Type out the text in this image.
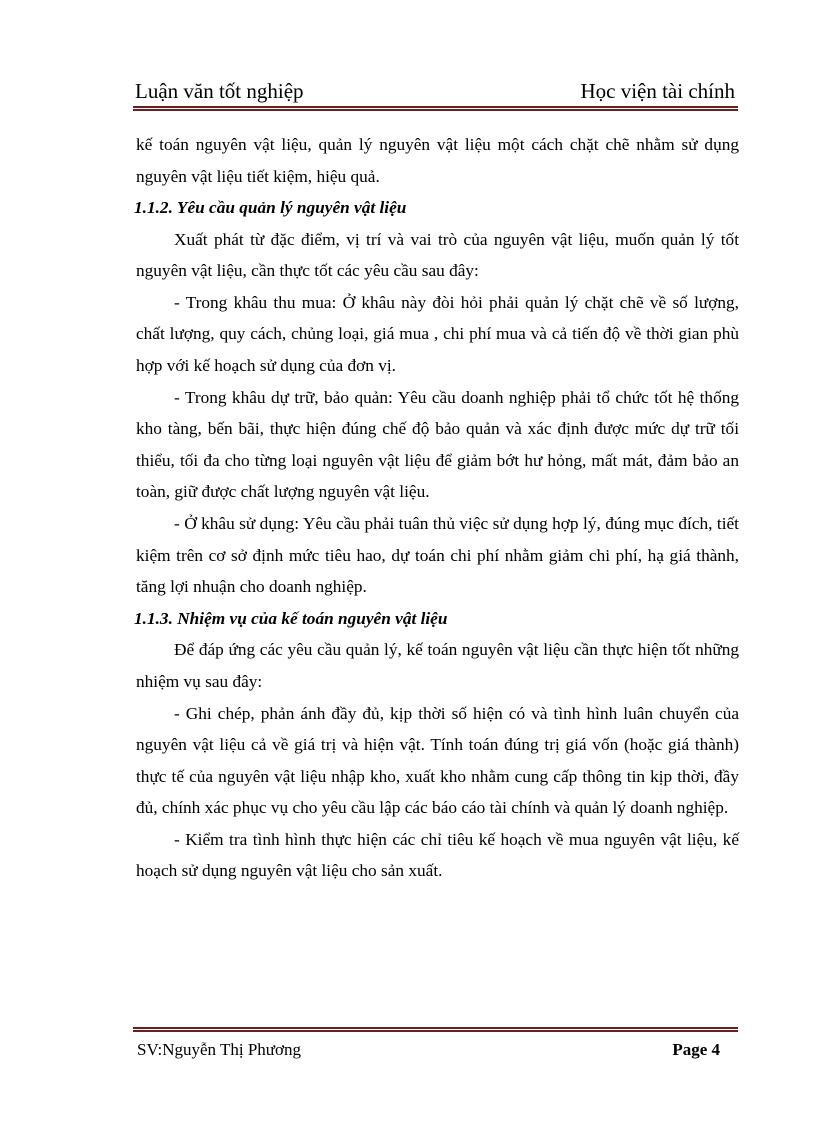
Luận văn tốt nghiệp	Học viện tài chính

kế toán nguyên vật liệu, quản lý nguyên vật liệu một cách chặt chẽ nhằm sử dụng nguyên vật liệu tiết kiệm, hiệu quả.

1.1.2. Yêu cầu quản lý nguyên vật liệu

Xuất phát từ đặc điểm, vị trí và vai trò của nguyên vật liệu, muốn quản lý tốt nguyên vật liệu, cần thực tốt các yêu cầu sau đây:

- Trong khâu thu mua: Ở khâu này đòi hỏi phải quản lý chặt chẽ về số lượng, chất lượng, quy cách, chủng loại, giá mua , chi phí mua và cả tiến độ về thời gian phù hợp với kế hoạch sử dụng của đơn vị.

- Trong khâu dự trữ, bảo quản: Yêu cầu doanh nghiệp phải tổ chức tốt hệ thống kho tàng, bến bãi, thực hiện đúng chế độ bảo quản và xác định được mức dự trữ tối thiểu, tối đa cho từng loại nguyên vật liệu để giảm bớt hư hỏng, mất mát, đảm bảo an toàn, giữ được chất lượng nguyên vật liệu.

- Ở khâu sử dụng: Yêu cầu phải tuân thủ việc sử dụng hợp lý, đúng mục đích, tiết kiệm trên cơ sở định mức tiêu hao, dự toán chi phí nhằm giảm chi phí, hạ giá thành, tăng lợi nhuận cho doanh nghiệp.

1.1.3. Nhiệm vụ của kế toán nguyên vật liệu

Để đáp ứng các yêu cầu quản lý, kế toán nguyên vật liệu cần thực hiện tốt những nhiệm vụ sau đây:

- Ghi chép, phản ánh đầy đủ, kịp thời số hiện có và tình hình luân chuyển của nguyên vật liệu cả về giá trị và hiện vật. Tính toán đúng trị giá vốn (hoặc giá thành) thực tế của nguyên vật liệu nhập kho, xuất kho nhằm cung cấp thông tin kịp thời, đầy đủ, chính xác phục vụ cho yêu cầu lập các báo cáo tài chính và quản lý doanh nghiệp.

- Kiểm tra tình hình thực hiện các chỉ tiêu kế hoạch về mua nguyên vật liệu, kế hoạch sử dụng nguyên vật liệu cho sản xuất.

SV:Nguyễn Thị Phương	Page 4
